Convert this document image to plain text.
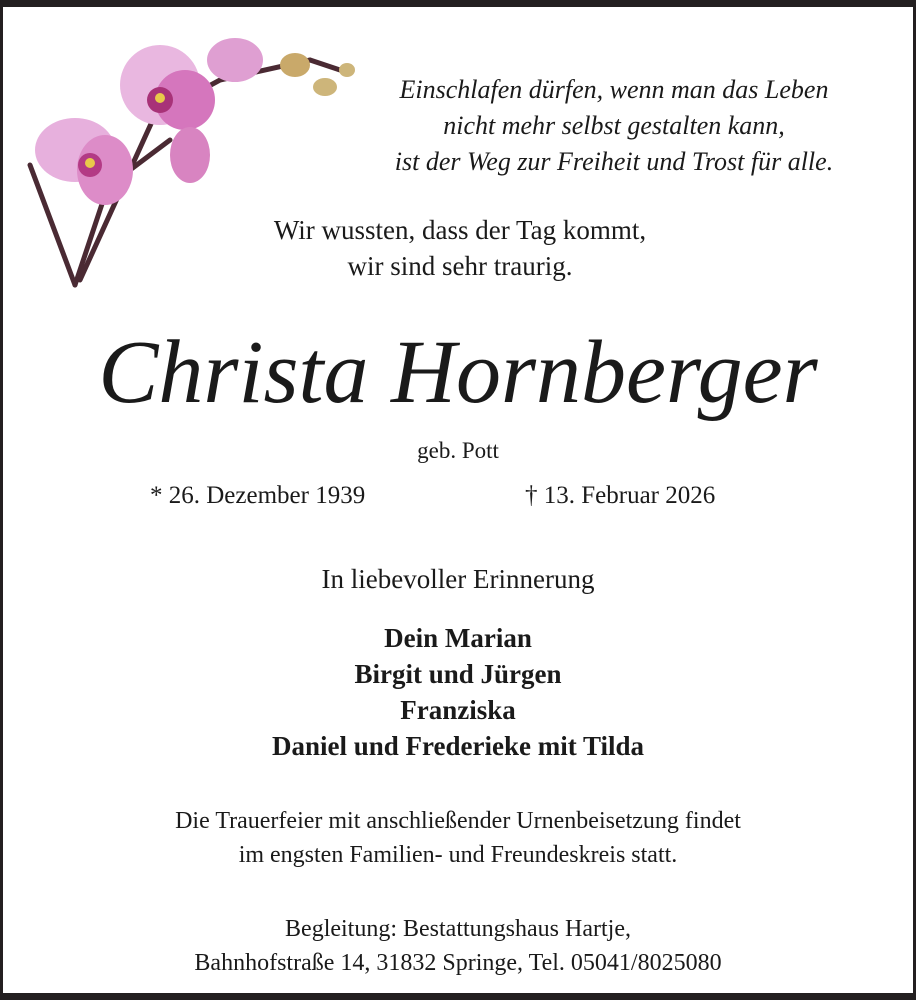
Einschlafen dürfen, wenn man das Leben
nicht mehr selbst gestalten kann,
ist der Weg zur Freiheit und Trost für alle.
Wir wussten, dass der Tag kommt,
wir sind sehr traurig.
Christa Hornberger
geb. Pott
* 26. Dezember 1939	† 13. Februar 2026
In liebevoller Erinnerung
Dein Marian
Birgit und Jürgen
Franziska
Daniel und Frederieke mit Tilda
Die Trauerfeier mit anschließender Urnenbeisetzung findet
im engsten Familien- und Freundeskreis statt.
Begleitung: Bestattungshaus Hartje,
Bahnhofstraße 14, 31832 Springe, Tel. 05041/8025080
